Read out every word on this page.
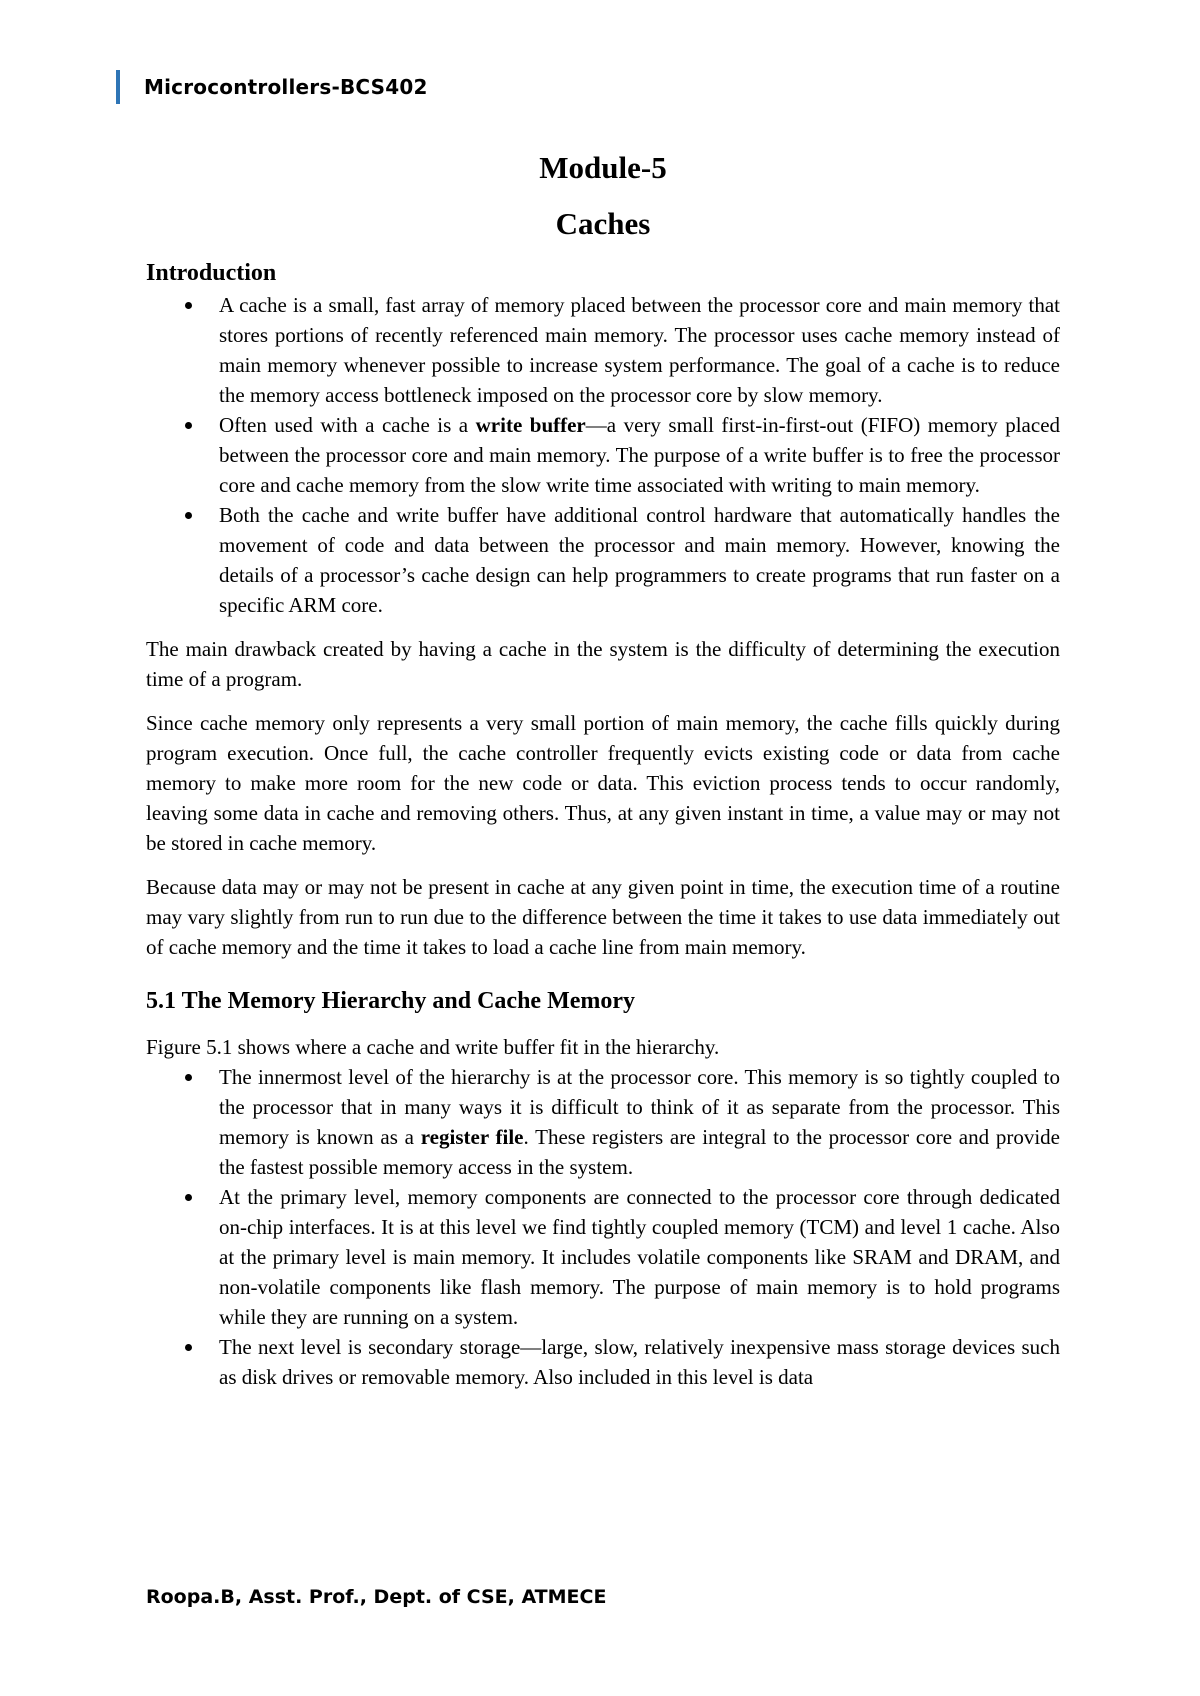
Microcontrollers-BCS402
Module-5
Caches
Introduction
A cache is a small, fast array of memory placed between the processor core and main memory that stores portions of recently referenced main memory. The processor uses cache memory instead of main memory whenever possible to increase system performance. The goal of a cache is to reduce the memory access bottleneck imposed on the processor core by slow memory.
Often used with a cache is a write buffer—a very small first-in-first-out (FIFO) memory placed between the processor core and main memory. The purpose of a write buffer is to free the processor core and cache memory from the slow write time associated with writing to main memory.
Both the cache and write buffer have additional control hardware that automatically handles the movement of code and data between the processor and main memory. However, knowing the details of a processor’s cache design can help programmers to create programs that run faster on a specific ARM core.

The main drawback created by having a cache in the system is the difficulty of determining the execution time of a program.

Since cache memory only represents a very small portion of main memory, the cache fills quickly during program execution. Once full, the cache controller frequently evicts existing code or data from cache memory to make more room for the new code or data. This eviction process tends to occur randomly, leaving some data in cache and removing others. Thus, at any given instant in time, a value may or may not be stored in cache memory.

Because data may or may not be present in cache at any given point in time, the execution time of a routine may vary slightly from run to run due to the difference between the time it takes to use data immediately out of cache memory and the time it takes to load a cache line from main memory.

5.1 The Memory Hierarchy and Cache Memory

Figure 5.1 shows where a cache and write buffer fit in the hierarchy.

The innermost level of the hierarchy is at the processor core. This memory is so tightly coupled to the processor that in many ways it is difficult to think of it as separate from the processor. This memory is known as a register file. These registers are integral to the processor core and provide the fastest possible memory access in the system.
At the primary level, memory components are connected to the processor core through dedicated on-chip interfaces. It is at this level we find tightly coupled memory (TCM) and level 1 cache. Also at the primary level is main memory. It includes volatile components like SRAM and DRAM, and non-volatile components like flash memory. The purpose of main memory is to hold programs while they are running on a system.
The next level is secondary storage—large, slow, relatively inexpensive mass storage devices such as disk drives or removable memory. Also included in this level is data
Roopa.B, Asst. Prof., Dept. of CSE, ATMECE
